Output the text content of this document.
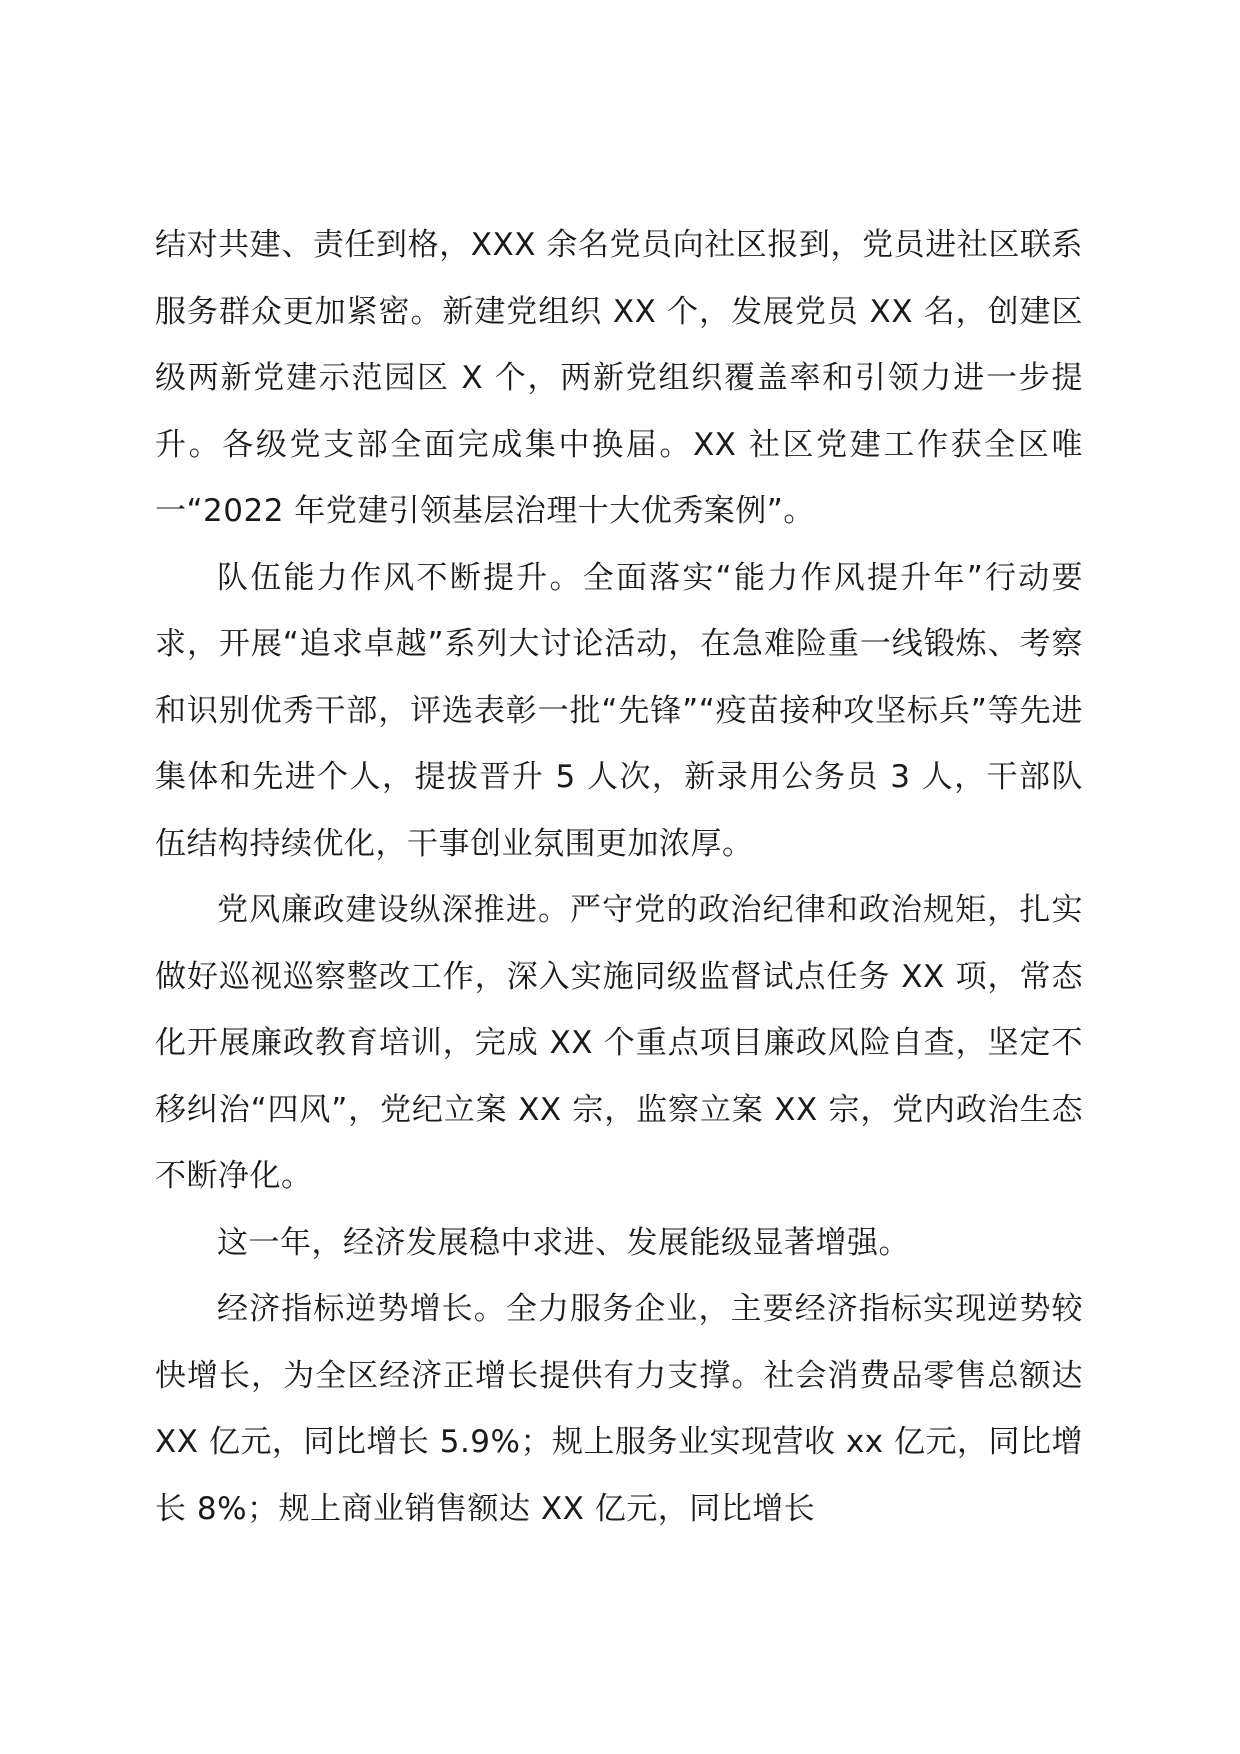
结对共建、责任到格，XXX 余名党员向社区报到，党员进社区联系服务群众更加紧密。新建党组织 XX 个，发展党员 XX 名，创建区级两新党建示范园区 X 个，两新党组织覆盖率和引领力进一步提升。各级党支部全面完成集中换届。XX 社区党建工作获全区唯一“2022 年党建引领基层治理十大优秀案例”。

队伍能力作风不断提升。全面落实“能力作风提升年”行动要求，开展“追求卓越”系列大讨论活动，在急难险重一线锻炼、考察和识别优秀干部，评选表彰一批“先锋”“疫苗接种攻坚标兵”等先进集体和先进个人，提拔晋升 5 人次，新录用公务员 3 人，干部队伍结构持续优化，干事创业氛围更加浓厚。

党风廉政建设纵深推进。严守党的政治纪律和政治规矩，扎实做好巡视巡察整改工作，深入实施同级监督试点任务 XX 项，常态化开展廉政教育培训，完成 XX 个重点项目廉政风险自查，坚定不移纠治“四风”，党纪立案 XX 宗，监察立案 XX 宗，党内政治生态不断净化。

这一年，经济发展稳中求进、发展能级显著增强。

经济指标逆势增长。全力服务企业，主要经济指标实现逆势较快增长，为全区经济正增长提供有力支撑。社会消费品零售总额达 XX 亿元，同比增长 5.9%；规上服务业实现营收 xx 亿元，同比增长 8%；规上商业销售额达 XX 亿元，同比增长
